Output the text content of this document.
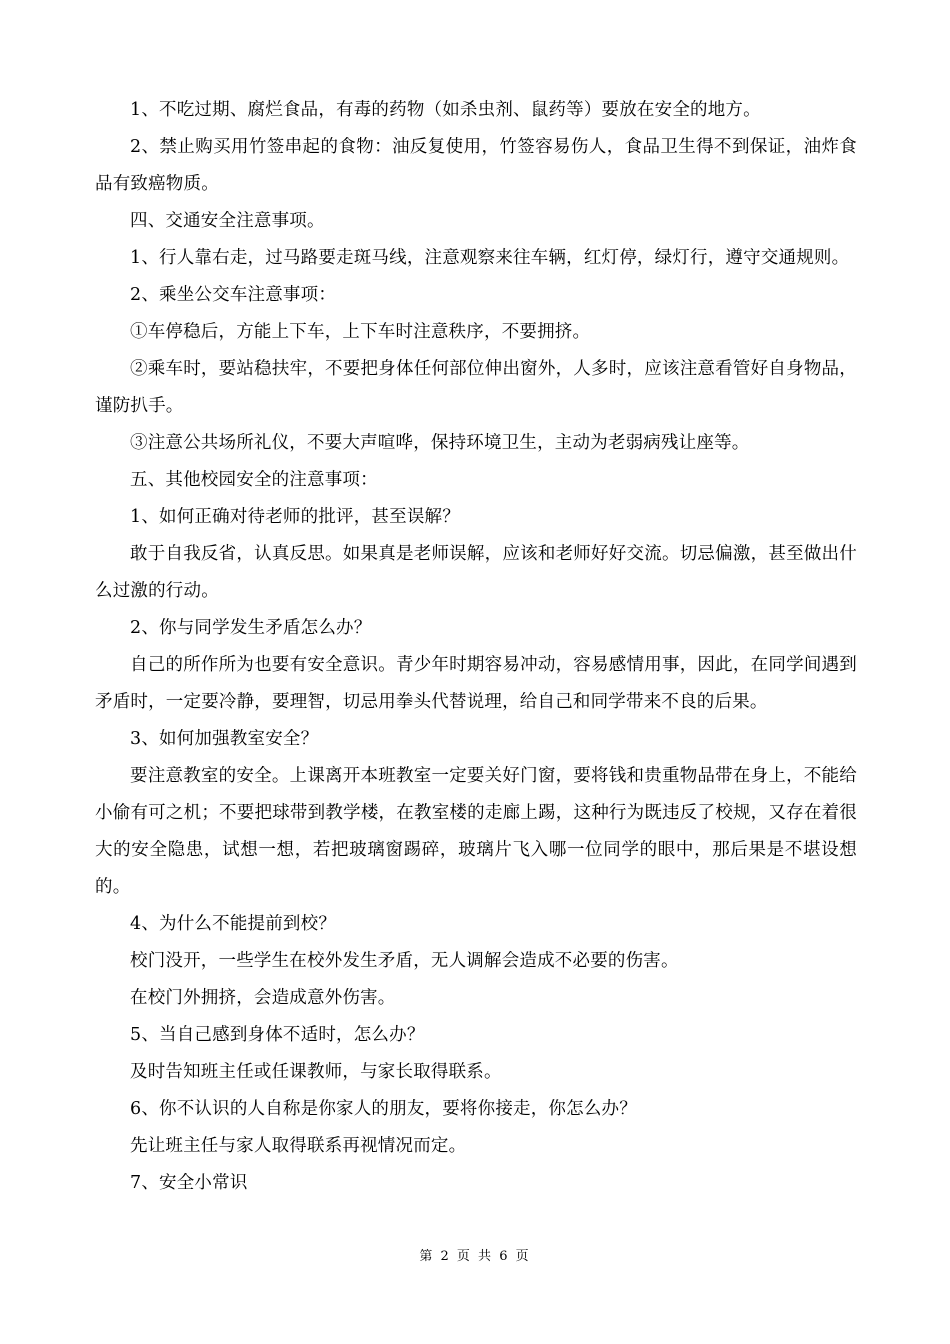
1、不吃过期、腐烂食品，有毒的药物（如杀虫剂、鼠药等）要放在安全的地方。

2、禁止购买用竹签串起的食物：油反复使用，竹签容易伤人，食品卫生得不到保证，油炸食品有致癌物质。

四、交通安全注意事项。

1、行人靠右走，过马路要走斑马线，注意观察来往车辆，红灯停，绿灯行，遵守交通规则。

2、乘坐公交车注意事项：

①车停稳后，方能上下车，上下车时注意秩序，不要拥挤。

②乘车时，要站稳扶牢，不要把身体任何部位伸出窗外，人多时，应该注意看管好自身物品，谨防扒手。

③注意公共场所礼仪，不要大声喧哗，保持环境卫生，主动为老弱病残让座等。

五、其他校园安全的注意事项：

1、如何正确对待老师的批评，甚至误解？

敢于自我反省，认真反思。如果真是老师误解，应该和老师好好交流。切忌偏激，甚至做出什么过激的行动。

2、你与同学发生矛盾怎么办？

自己的所作所为也要有安全意识。青少年时期容易冲动，容易感情用事，因此，在同学间遇到矛盾时，一定要冷静，要理智，切忌用拳头代替说理，给自己和同学带来不良的后果。

3、如何加强教室安全？

要注意教室的安全。上课离开本班教室一定要关好门窗，要将钱和贵重物品带在身上，不能给小偷有可之机；不要把球带到教学楼，在教室楼的走廊上踢，这种行为既违反了校规，又存在着很大的安全隐患，试想一想，若把玻璃窗踢碎，玻璃片飞入哪一位同学的眼中，那后果是不堪设想的。

4、为什么不能提前到校？

校门没开，一些学生在校外发生矛盾，无人调解会造成不必要的伤害。

在校门外拥挤，会造成意外伤害。

5、当自己感到身体不适时，怎么办？

及时告知班主任或任课教师，与家长取得联系。

6、你不认识的人自称是你家人的朋友，要将你接走，你怎么办？

先让班主任与家人取得联系再视情况而定。

7、安全小常识

第 2 页 共 6 页
